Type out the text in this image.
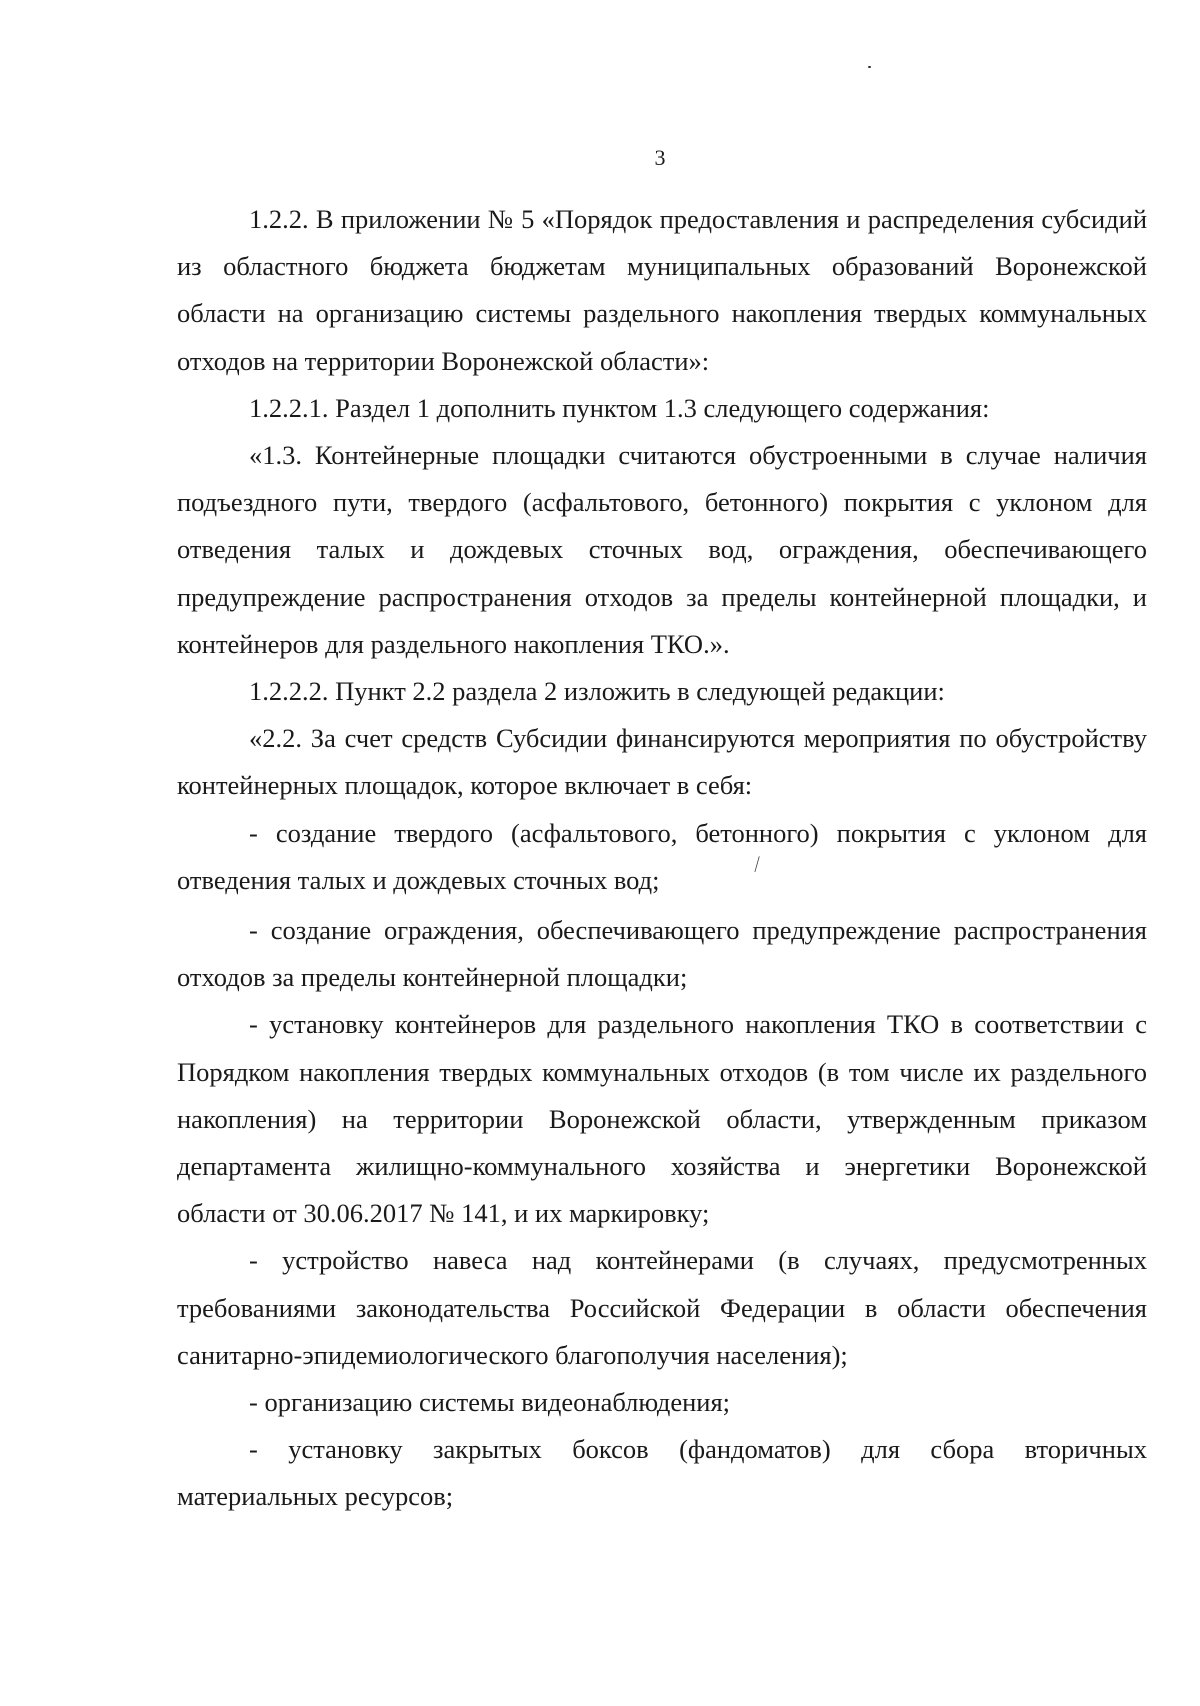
3

1.2.2. В приложении № 5 «Порядок предоставления и распределения субсидий из областного бюджета бюджетам муниципальных образований Воронежской области на организацию системы раздельного накопления твердых коммунальных отходов на территории Воронежской области»:

1.2.2.1. Раздел 1 дополнить пунктом 1.3 следующего содержания:

«1.3. Контейнерные площадки считаются обустроенными в случае наличия подъездного пути, твердого (асфальтового, бетонного) покрытия с уклоном для отведения талых и дождевых сточных вод, ограждения, обеспечивающего предупреждение распространения отходов за пределы контейнерной площадки, и контейнеров для раздельного накопления ТКО.».

1.2.2.2. Пункт 2.2 раздела 2 изложить в следующей редакции:

«2.2. За счет средств Субсидии финансируются мероприятия по обустройству контейнерных площадок, которое включает в себя:

- создание твердого (асфальтового, бетонного) покрытия с уклоном для отведения талых и дождевых сточных вод;⁄

- создание ограждения, обеспечивающего предупреждение распространения отходов за пределы контейнерной площадки;

- установку контейнеров для раздельного накопления ТКО в соответствии с Порядком накопления твердых коммунальных отходов (в том числе их раздельного накопления) на территории Воронежской области, утвержденным приказом департамента жилищно-коммунального хозяйства и энергетики Воронежской области от 30.06.2017 № 141, и их маркировку;

- устройство навеса над контейнерами (в случаях, предусмотренных требованиями законодательства Российской Федерации в области обеспечения санитарно-эпидемиологического благополучия населения);

- организацию системы видеонаблюдения;

- установку закрытых боксов (фандоматов) для сбора вторичных материальных ресурсов;
